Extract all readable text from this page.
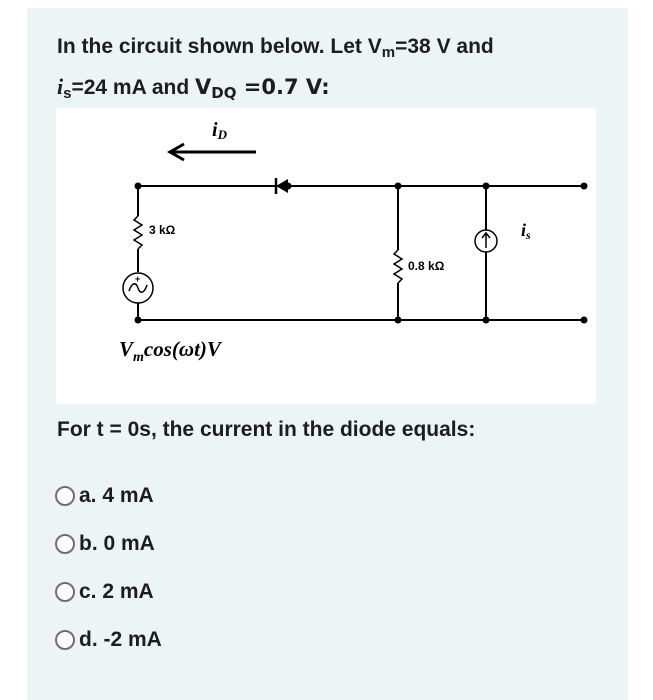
In the circuit shown below. Let $V_m=38$ V and
$i_s=24$ mA and $V_{DQ} =0.7$ V:
iD
3 kΩ
+
0.8 kΩ
is
$V_m\cos(\omega t)V$
For t = 0s, the current in the diode equals:
a. 4 mA
b. 0 mA
c. 2 mA
d. -2 mA
